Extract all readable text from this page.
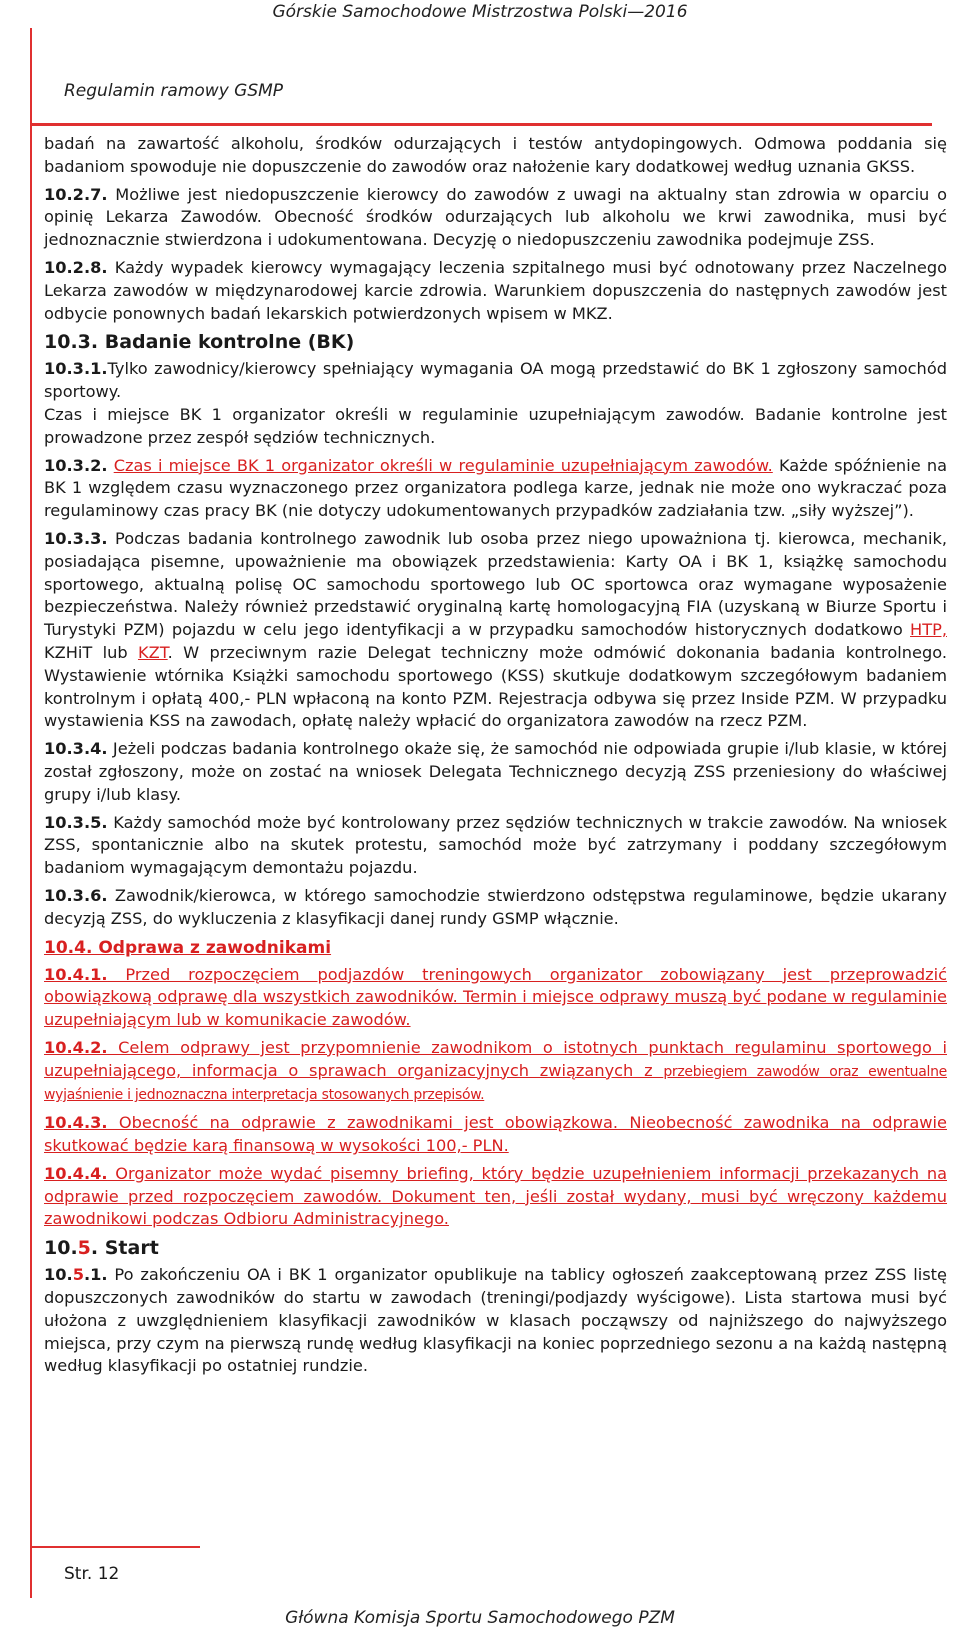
Górskie Samochodowe Mistrzostwa Polski—2016
Regulamin ramowy GSMP

badań na zawartość alkoholu, środków odurzających i testów antydopingowych. Odmowa poddania się badaniom spowoduje nie dopuszczenie do zawodów oraz nałożenie kary dodatkowej według uznania GKSS.

10.2.7. Możliwe jest niedopuszczenie kierowcy do zawodów z uwagi na aktualny stan zdrowia w oparciu o opinię Lekarza Zawodów. Obecność środków odurzających lub alkoholu we krwi zawodnika, musi być jednoznacznie stwierdzona i udokumentowana. Decyzję o niedopuszczeniu zawodnika podejmuje ZSS.

10.2.8. Każdy wypadek kierowcy wymagający leczenia szpitalnego musi być odnotowany przez Naczelnego Lekarza zawodów w międzynarodowej karcie zdrowia. Warunkiem dopuszczenia do następnych zawodów jest odbycie ponownych badań lekarskich potwierdzonych wpisem w MKZ.

10.3. Badanie kontrolne (BK)

10.3.1.Tylko zawodnicy/kierowcy spełniający wymagania OA mogą przedstawić do BK 1 zgłoszony samochód sportowy.

Czas i miejsce BK 1 organizator określi w regulaminie uzupełniającym zawodów. Badanie kontrolne jest prowadzone przez zespół sędziów technicznych.

10.3.2. Czas i miejsce BK 1 organizator określi w regulaminie uzupełniającym zawodów. Każde spóźnienie na BK 1 względem czasu wyznaczonego przez organizatora podlega karze, jednak nie może ono wykraczać poza regulaminowy czas pracy BK (nie dotyczy udokumentowanych przypadków zadziałania tzw. „siły wyższej”).

10.3.3. Podczas badania kontrolnego zawodnik lub osoba przez niego upoważniona tj. kierowca, mechanik, posiadająca pisemne, upoważnienie ma obowiązek przedstawienia: Karty OA i BK 1, książkę samochodu sportowego, aktualną polisę OC samochodu sportowego lub OC sportowca oraz wymagane wyposażenie bezpieczeństwa. Należy również przedstawić oryginalną kartę homologacyjną FIA (uzyskaną w Biurze Sportu i Turystyki PZM) pojazdu w celu jego identyfikacji a w przypadku samochodów historycznych dodatkowo HTP, KZHiT lub KZT. W przeciwnym razie Delegat techniczny może odmówić dokonania badania kontrolnego. Wystawienie wtórnika Książki samochodu sportowego (KSS) skutkuje dodatkowym szczegółowym badaniem kontrolnym i opłatą 400,- PLN wpłaconą na konto PZM. Rejestracja odbywa się przez Inside PZM. W przypadku wystawienia KSS na zawodach, opłatę należy wpłacić do organizatora zawodów na rzecz PZM.

10.3.4. Jeżeli podczas badania kontrolnego okaże się, że samochód nie odpowiada grupie i/lub klasie, w której został zgłoszony, może on zostać na wniosek Delegata Technicznego decyzją ZSS przeniesiony do właściwej grupy i/lub klasy.

10.3.5. Każdy samochód może być kontrolowany przez sędziów technicznych w trakcie zawodów. Na wniosek ZSS, spontanicznie albo na skutek protestu, samochód może być zatrzymany i poddany szczegółowym badaniom wymagającym demontażu pojazdu.

10.3.6. Zawodnik/kierowca, w którego samochodzie stwierdzono odstępstwa regulaminowe, będzie ukarany decyzją ZSS, do wykluczenia z klasyfikacji danej rundy GSMP włącznie.

10.4. Odprawa z zawodnikami

10.4.1. Przed rozpoczęciem podjazdów treningowych organizator zobowiązany jest przeprowadzić obowiązkową odprawę dla wszystkich zawodników. Termin i miejsce odprawy muszą być podane w regulaminie uzupełniającym lub w komunikacie zawodów.

10.4.2. Celem odprawy jest przypomnienie zawodnikom o istotnych punktach regulaminu sportowego i uzupełniającego, informacja o sprawach organizacyjnych związanych z przebiegiem zawodów oraz ewentualne wyjaśnienie i jednoznaczna interpretacja stosowanych przepisów.

10.4.3. Obecność na odprawie z zawodnikami jest obowiązkowa. Nieobecność zawodnika na odprawie skutkować będzie karą finansową w wysokości 100,- PLN.

10.4.4. Organizator może wydać pisemny briefing, który będzie uzupełnieniem informacji przekazanych na odprawie przed rozpoczęciem zawodów. Dokument ten, jeśli został wydany, musi być wręczony każdemu zawodnikowi podczas Odbioru Administracyjnego.

10.5. Start

10.5.1. Po zakończeniu OA i BK 1 organizator opublikuje na tablicy ogłoszeń zaakceptowaną przez ZSS listę dopuszczonych zawodników do startu w zawodach (treningi/podjazdy wyścigowe). Lista startowa musi być ułożona z uwzględnieniem klasyfikacji zawodników w klasach począwszy od najniższego do najwyższego miejsca, przy czym na pierwszą rundę według klasyfikacji na koniec poprzedniego sezonu a na każdą następną według klasyfikacji po ostatniej rundzie.

Str. 12
Główna Komisja Sportu Samochodowego PZM
